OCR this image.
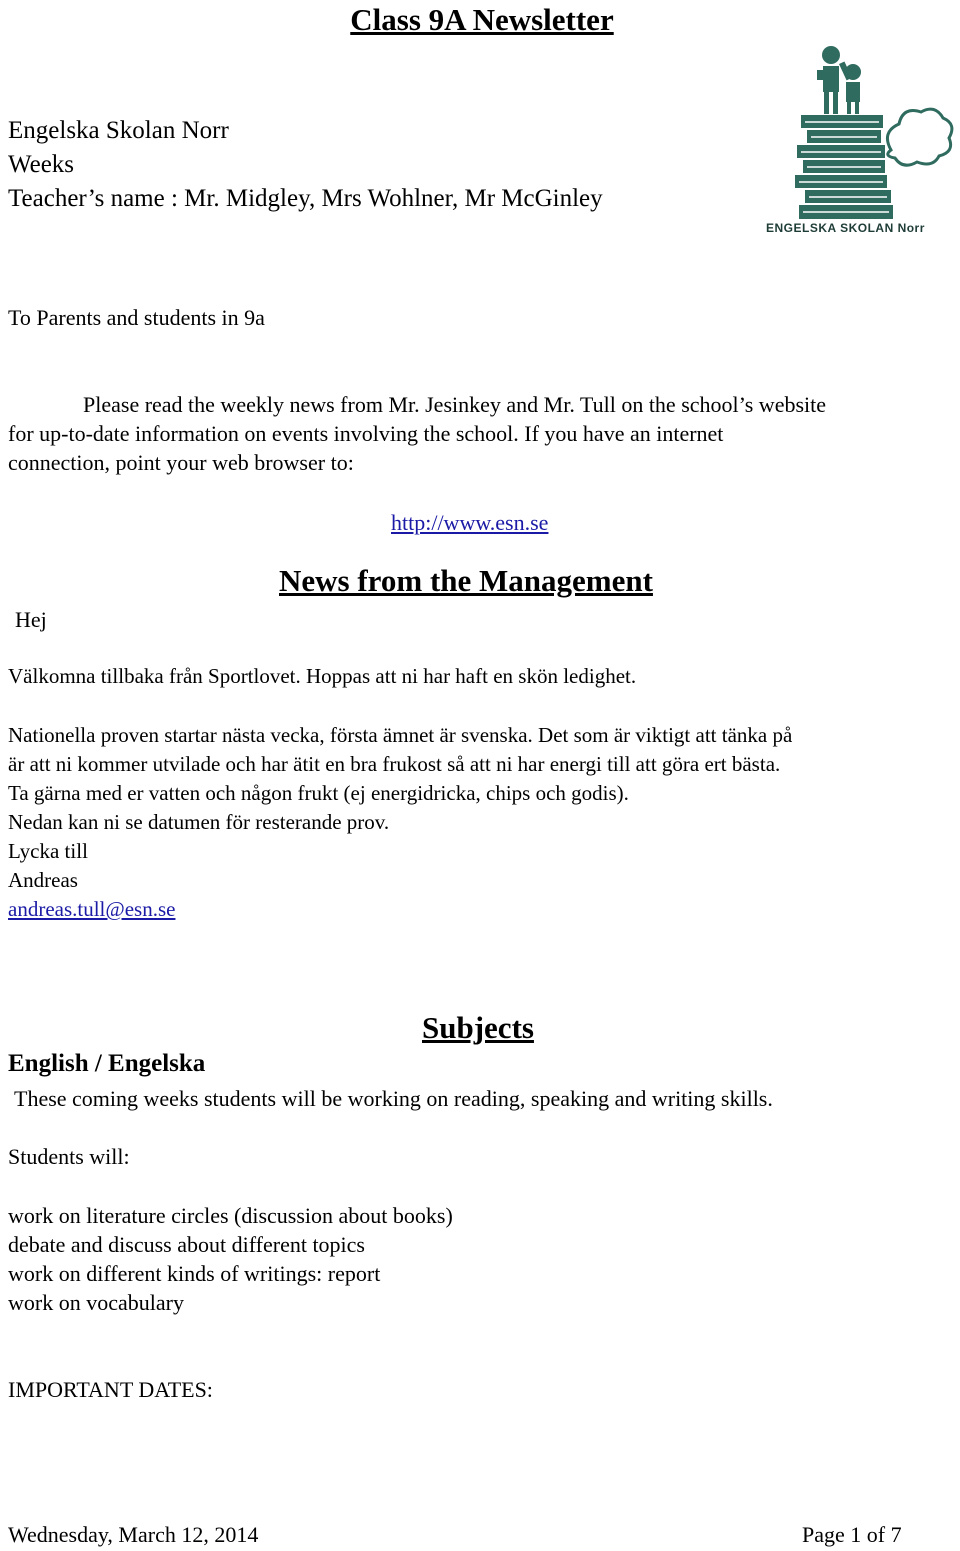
Class 9A Newsletter
Engelska Skolan Norr
Weeks
Teacher’s name : Mr. Midgley, Mrs Wohlner, Mr McGinley
ENGELSKA SKOLAN Norr
To Parents and students in 9a
Please read the weekly news from Mr. Jesinkey and Mr. Tull on the school’s website
for up-to-date information on events involving the school. If you have an internet
connection, point your web browser to:
http://www.esn.se
News from the Management
Hej
Välkomna tillbaka från Sportlovet. Hoppas att ni har haft en skön ledighet.
Nationella proven startar nästa vecka, första ämnet är svenska. Det som är viktigt att tänka på
är att ni kommer utvilade och har ätit en bra frukost så att ni har energi till att göra ert bästa.
Ta gärna med er vatten och någon frukt (ej energidricka, chips och godis).
Nedan kan ni se datumen för resterande prov.
Lycka till
Andreas
andreas.tull@esn.se
Subjects
English / Engelska
These coming weeks students will be working on reading, speaking and writing skills.
Students will:
work on literature circles (discussion about books)
debate and discuss about different topics
work on different kinds of writings: report
work on vocabulary
IMPORTANT DATES:
Wednesday, March 12, 2014	Page 1 of 7
